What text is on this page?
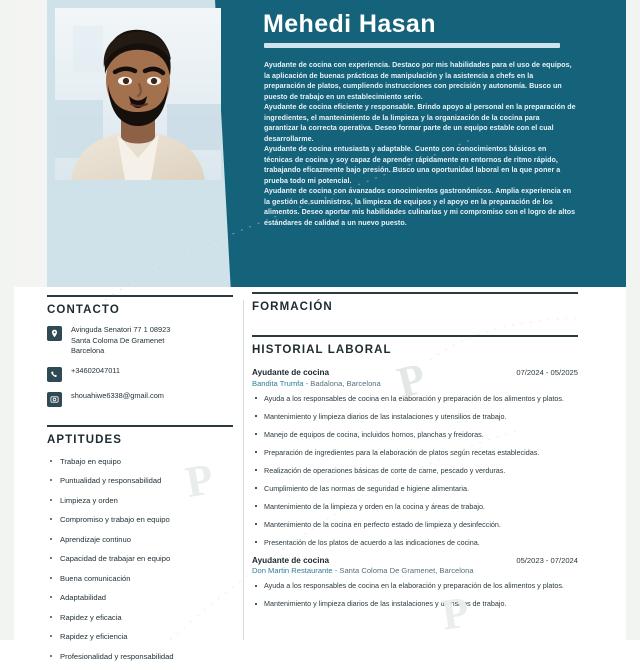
Mehedi Hasan

Ayudante de cocina con experiencia. Destaco por mis habilidades para el uso de equipos, la aplicación de buenas prácticas de manipulación y la asistencia a chefs en la preparación de platos, cumpliendo instrucciones con precisión y autonomía. Busco un puesto de trabajo en un establecimiento serio.

Ayudante de cocina eficiente y responsable. Brindo apoyo al personal en la preparación de ingredientes, el mantenimiento de la limpieza y la organización de la cocina para garantizar la correcta operativa. Deseo formar parte de un equipo estable con el cual desarrollarme.

Ayudante de cocina entusiasta y adaptable. Cuento con conocimientos básicos en técnicas de cocina y soy capaz de aprender rápidamente en entornos de ritmo rápido, trabajando eficazmente bajo presión. Busco una oportunidad laboral en la que poner a prueba todo mi potencial.

Ayudante de cocina con avanzados conocimientos gastronómicos. Amplia experiencia en la gestión de suministros, la limpieza de equipos y el apoyo en la preparación de los alimentos. Deseo aportar mis habilidades culinarias y mi compromiso con el logro de altos estándares de calidad a un nuevo puesto.

CONTACTO
Avinguda Senatori 77 1 08923
Santa Coloma De Gramenet
Barcelona
+34602047011
shouahiwe6338@gmail.com
APTITUDES
Trabajo en equipo
Puntualidad y responsabilidad
Limpieza y orden
Compromiso y trabajo en equipo
Aprendizaje continuo
Capacidad de trabajar en equipo
Buena comunicación
Adaptabilidad
Rapidez y eficacia
Rapidez y eficiencia
Profesionalidad y responsabilidad
FORMACIÓN
HISTORIAL LABORAL
Ayudante de cocina	07/2024 - 05/2025
Bandita Trumfa - Badalona, Barcelona
Ayuda a los responsables de cocina en la elaboración y preparación de los alimentos y platos.
Mantenimiento y limpieza diarios de las instalaciones y utensilios de trabajo.
Manejo de equipos de cocina, incluidos hornos, planchas y freidoras.
Preparación de ingredientes para la elaboración de platos según recetas establecidas.
Realización de operaciones básicas de corte de carne, pescado y verduras.
Cumplimiento de las normas de seguridad e higiene alimentaria.
Mantenimiento de la limpieza y orden en la cocina y áreas de trabajo.
Mantenimiento de la cocina en perfecto estado de limpieza y desinfección.
Presentación de los platos de acuerdo a las indicaciones de cocina.
Ayudante de cocina	05/2023 - 07/2024
Don Martin Restaurante - Santa Coloma De Gramenet, Barcelona
Ayuda a los responsables de cocina en la elaboración y preparación de los alimentos y platos.
Mantenimiento y limpieza diarios de las instalaciones y utensilios de trabajo.
P
P
P
